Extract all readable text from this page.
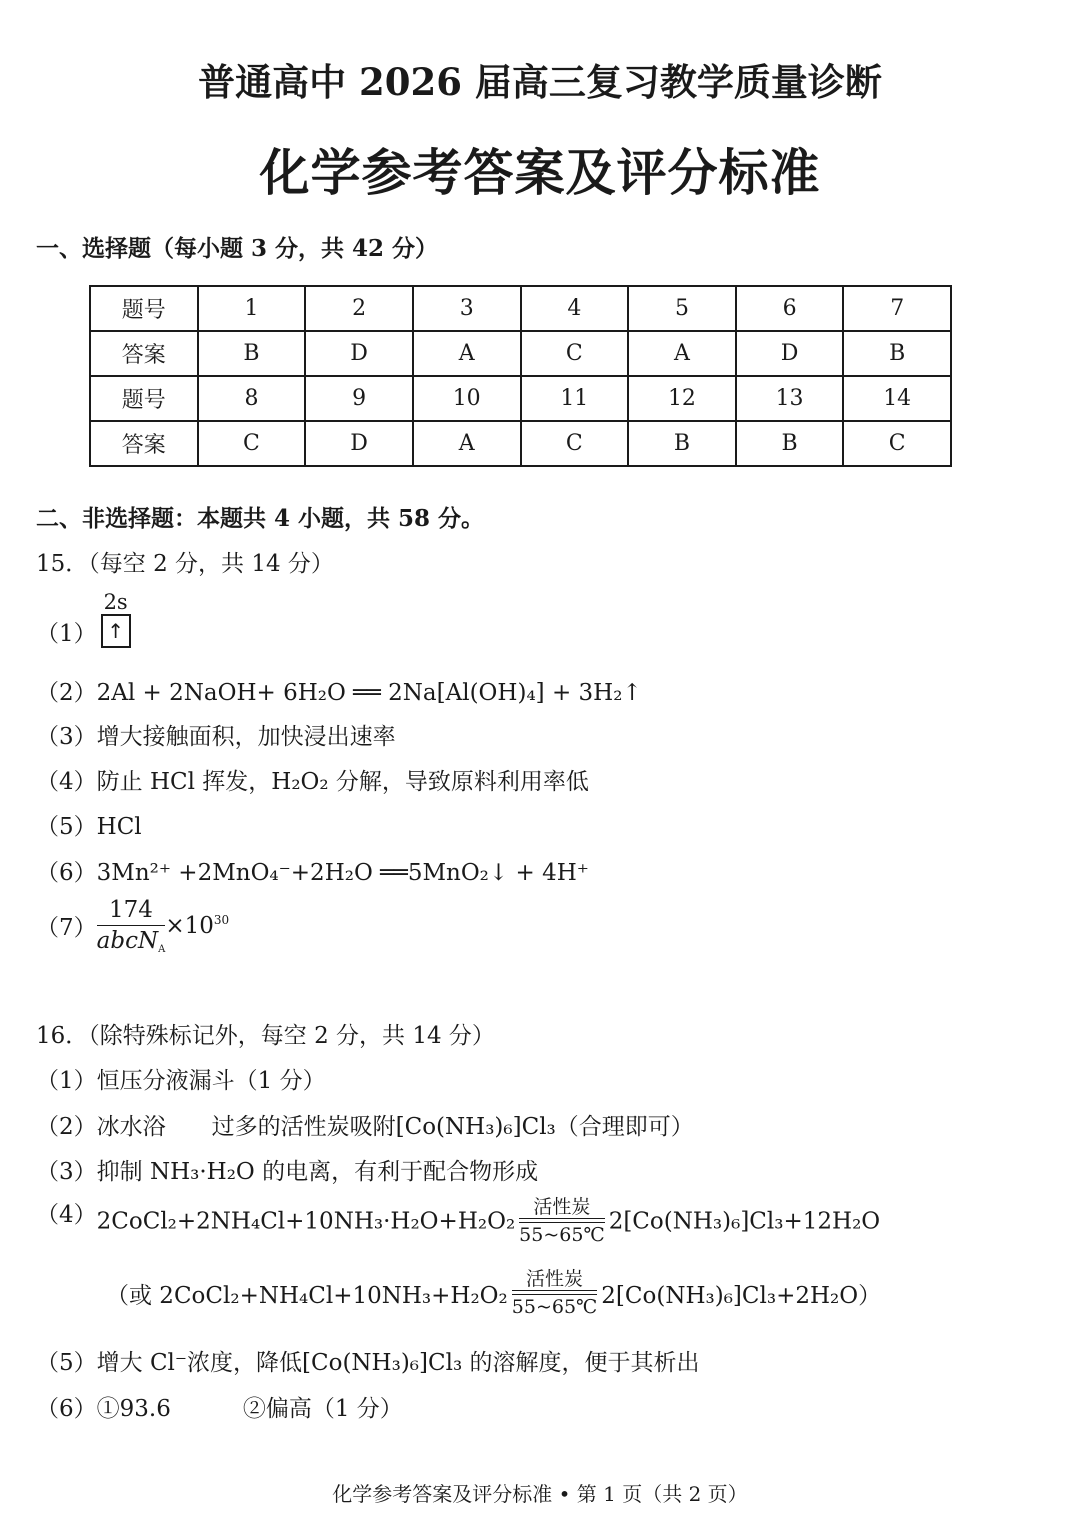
普通高中 2026 届高三复习教学质量诊断
化学参考答案及评分标准
一、选择题（每小题 3 分，共 42 分）
题号	1	2	3	4	5	6	7
答案	B	D	A	C	A	D	B
题号	8	9	10	11	12	13	14
答案	C	D	A	C	B	B	C
二、非选择题：本题共 4 小题，共 58 分。
15．（每空 2 分，共 14 分）
（1）
2s
↑
（2）2Al + 2NaOH+ 6H₂O ══ 2Na[Al(OH)₄] + 3H₂↑
（3）增大接触面积，加快浸出速率
（4）防止 HCl 挥发，H₂O₂ 分解，导致原料利用率低
（5）HCl
（6）3Mn²⁺ +2MnO₄⁻+2H₂O ══5MnO₂↓ + 4H⁺
$(7) \frac{174}{abcN_A} \times 10^{30}$
16．（除特殊标记外，每空 2 分，共 14 分）
（1）恒压分液漏斗（1 分）
（2）冰水浴　　过多的活性炭吸附[Co(NH₃)₆]Cl₃（合理即可）
（3）抑制 NH₃·H₂O 的电离，有利于配合物形成
（4）2CoCl₂+2NH₄Cl+10NH₃·H₂O+H₂O₂
活性炭
55~65℃
2[Co(NH₃)₆]Cl₃+12H₂O
（或 2CoCl₂+NH₄Cl+10NH₃+H₂O₂
活性炭
55~65℃ 2[Co(NH₃)₆]Cl₃+2H₂O）
（5）增大 Cl⁻浓度，降低[Co(NH₃)₆]Cl₃ 的溶解度，便于其析出
（6）①93.6	②偏高（1 分）
化学参考答案及评分标准 • 第 1 页（共 2 页）
